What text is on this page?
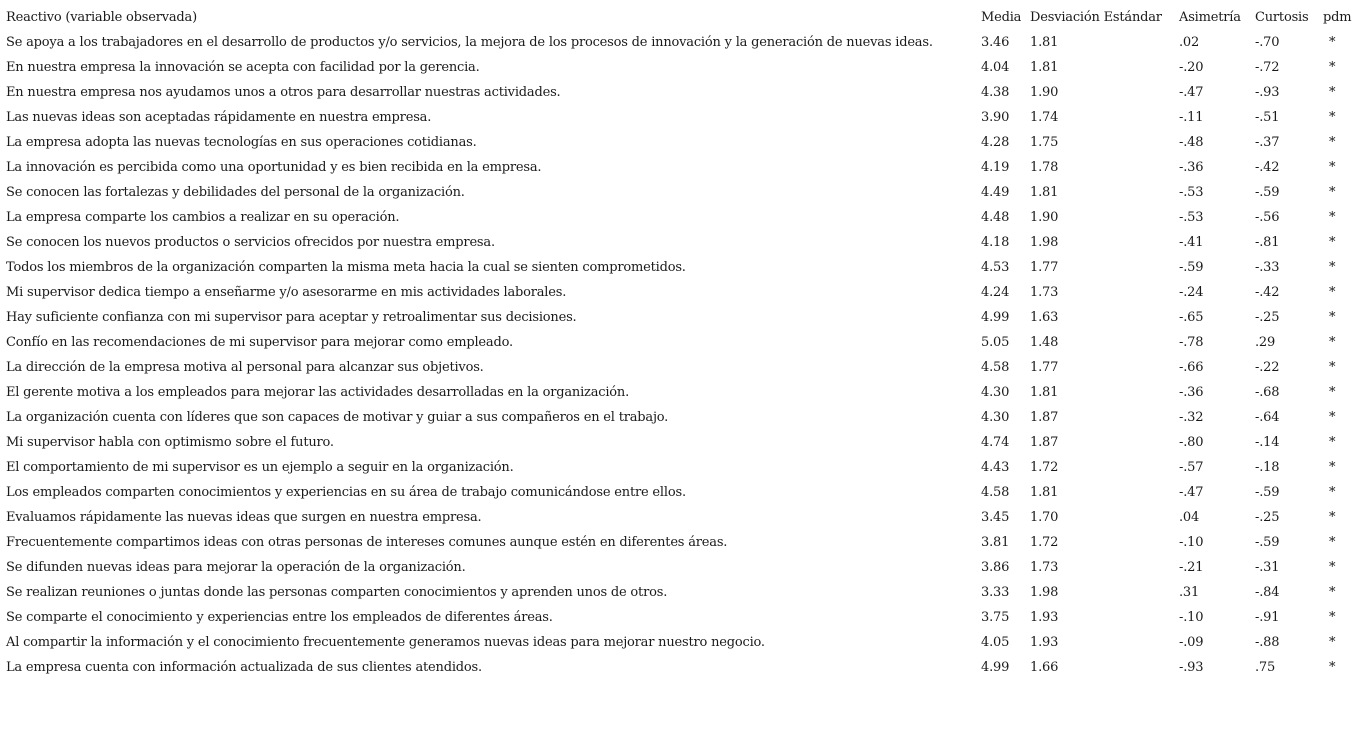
Reactivo (variable observada)	Media	Desviación Estándar	Asimetría	Curtosis	pdm
Se apoya a los trabajadores en el desarrollo de productos y/o servicios, la mejora de los procesos de innovación y la generación de nuevas ideas.	3.46	1.81	.02	-.70	*
En nuestra empresa la innovación se acepta con facilidad por la gerencia.	4.04	1.81	-.20	-.72	*
En nuestra empresa nos ayudamos unos a otros para desarrollar nuestras actividades.	4.38	1.90	-.47	-.93	*
Las nuevas ideas son aceptadas rápidamente en nuestra empresa.	3.90	1.74	-.11	-.51	*
La empresa adopta las nuevas tecnologías en sus operaciones cotidianas.	4.28	1.75	-.48	-.37	*
La innovación es percibida como una oportunidad y es bien recibida en la empresa.	4.19	1.78	-.36	-.42	*
Se conocen las fortalezas y debilidades del personal de la organización.	4.49	1.81	-.53	-.59	*
La empresa comparte los cambios a realizar en su operación.	4.48	1.90	-.53	-.56	*
Se conocen los nuevos productos o servicios ofrecidos por nuestra empresa.	4.18	1.98	-.41	-.81	*
Todos los miembros de la organización comparten la misma meta hacia la cual se sienten comprometidos.	4.53	1.77	-.59	-.33	*
Mi supervisor dedica tiempo a enseñarme y/o asesorarme en mis actividades laborales.	4.24	1.73	-.24	-.42	*
Hay suficiente confianza con mi supervisor para aceptar y retroalimentar sus decisiones.	4.99	1.63	-.65	-.25	*
Confío en las recomendaciones de mi supervisor para mejorar como empleado.	5.05	1.48	-.78	.29	*
La dirección de la empresa motiva al personal para alcanzar sus objetivos.	4.58	1.77	-.66	-.22	*
El gerente motiva a los empleados para mejorar las actividades desarrolladas en la organización.	4.30	1.81	-.36	-.68	*
La organización cuenta con líderes que son capaces de motivar y guiar a sus compañeros en el trabajo.	4.30	1.87	-.32	-.64	*
Mi supervisor habla con optimismo sobre el futuro.	4.74	1.87	-.80	-.14	*
El comportamiento de mi supervisor es un ejemplo a seguir en la organización.	4.43	1.72	-.57	-.18	*
Los empleados comparten conocimientos y experiencias en su área de trabajo comunicándose entre ellos.	4.58	1.81	-.47	-.59	*
Evaluamos rápidamente las nuevas ideas que surgen en nuestra empresa.	3.45	1.70	.04	-.25	*
Frecuentemente compartimos ideas con otras personas de intereses comunes aunque estén en diferentes áreas.	3.81	1.72	-.10	-.59	*
Se difunden nuevas ideas para mejorar la operación de la organización.	3.86	1.73	-.21	-.31	*
Se realizan reuniones o juntas donde las personas comparten conocimientos y aprenden unos de otros.	3.33	1.98	.31	-.84	*
Se comparte el conocimiento y experiencias entre los empleados de diferentes áreas.	3.75	1.93	-.10	-.91	*
Al compartir la información y el conocimiento frecuentemente generamos nuevas ideas para mejorar nuestro negocio.	4.05	1.93	-.09	-.88	*
La empresa cuenta con información actualizada de sus clientes atendidos.	4.99	1.66	-.93	.75	*
